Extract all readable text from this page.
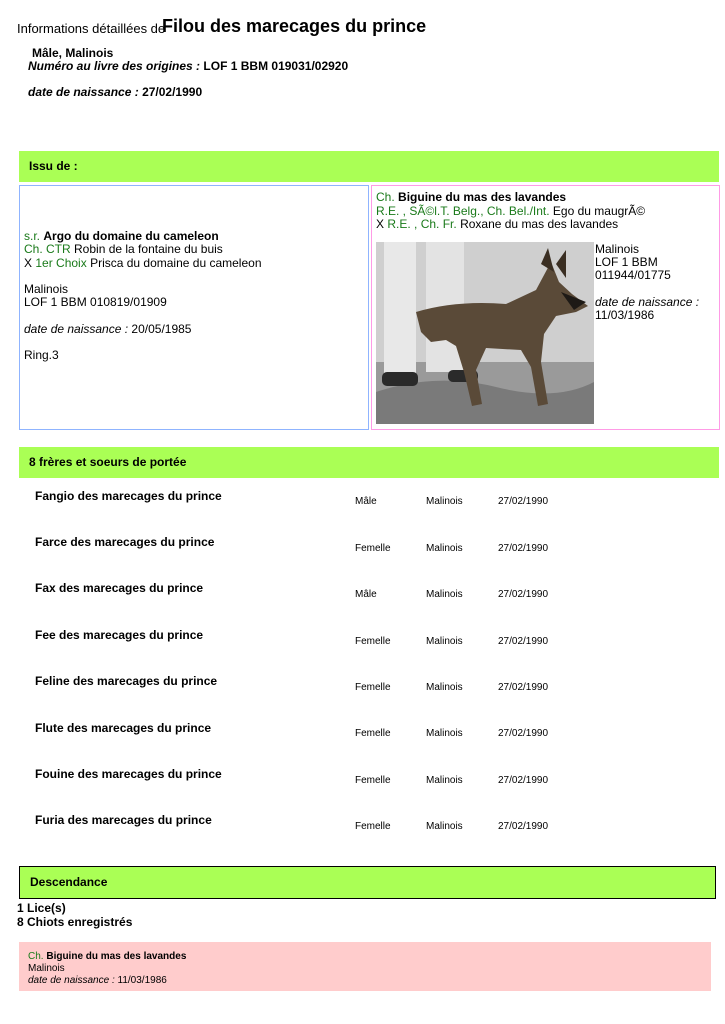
Informations détaillées de
Filou des marecages du prince
Mâle, Malinois
Numéro au livre des origines : LOF 1 BBM 019031/02920
date de naissance : 27/02/1990
Issu de :
s.r. Argo du domaine du cameleon
Ch. CTR Robin de la fontaine du buis
X 1er Choix Prisca du domaine du cameleon
Malinois
LOF 1 BBM 010819/01909
date de naissance : 20/05/1985
Ring.3
Ch. Biguine du mas des lavandes
R.E. , SÃ©l.T. Belg., Ch. Bel./Int. Ego du maugrÃ©
X R.E. , Ch. Fr. Roxane du mas des lavandes
Malinois
LOF 1 BBM
011944/01775
date de naissance :
11/03/1986
8 frères et soeurs de portée
Fangio des marecages du prince	Mâle	Malinois	27/02/1990
Farce des marecages du prince	Femelle	Malinois	27/02/1990
Fax des marecages du prince	Mâle	Malinois	27/02/1990
Fee des marecages du prince	Femelle	Malinois	27/02/1990
Feline des marecages du prince	Femelle	Malinois	27/02/1990
Flute des marecages du prince	Femelle	Malinois	27/02/1990
Fouine des marecages du prince	Femelle	Malinois	27/02/1990
Furia des marecages du prince	Femelle	Malinois	27/02/1990
Descendance
1 Lice(s)
8 Chiots enregistrés
Ch. Biguine du mas des lavandes
Malinois
date de naissance : 11/03/1986
